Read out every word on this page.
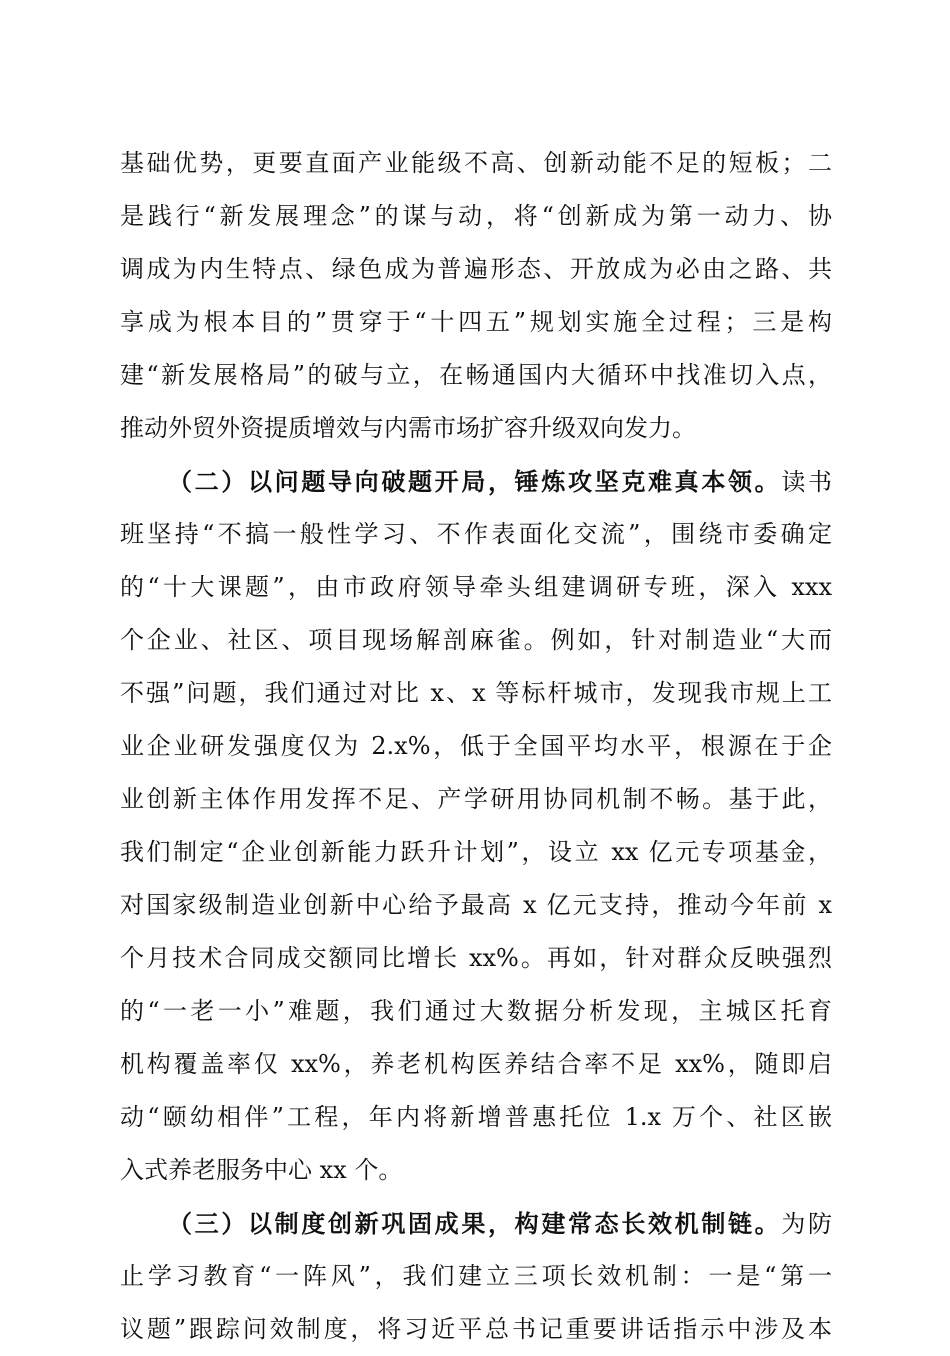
基础优势，更要直面产业能级不高、创新动能不足的短板；二
是践行“新发展理念”的谋与动，将“创新成为第一动力、协
调成为内生特点、绿色成为普遍形态、开放成为必由之路、共
享成为根本目的”贯穿于“十四五”规划实施全过程；三是构
建“新发展格局”的破与立，在畅通国内大循环中找准切入点，
推动外贸外资提质增效与内需市场扩容升级双向发力。
（二）以问题导向破题开局，锤炼攻坚克难真本领。读书
班坚持“不搞一般性学习、不作表面化交流”，围绕市委确定
的“十大课题”，由市政府领导牵头组建调研专班，深入 xxx
个企业、社区、项目现场解剖麻雀。例如，针对制造业“大而
不强”问题，我们通过对比 x、x 等标杆城市，发现我市规上工
业企业研发强度仅为 2.x%，低于全国平均水平，根源在于企
业创新主体作用发挥不足、产学研用协同机制不畅。基于此，
我们制定“企业创新能力跃升计划”，设立 xx 亿元专项基金，
对国家级制造业创新中心给予最高 x 亿元支持，推动今年前 x
个月技术合同成交额同比增长 xx%。再如，针对群众反映强烈
的“一老一小”难题，我们通过大数据分析发现，主城区托育
机构覆盖率仅 xx%，养老机构医养结合率不足 xx%，随即启
动“颐幼相伴”工程，年内将新增普惠托位 1.x 万个、社区嵌
入式养老服务中心 xx 个。
（三）以制度创新巩固成果，构建常态长效机制链。为防
止学习教育“一阵风”，我们建立三项长效机制：一是“第一
议题”跟踪问效制度，将习近平总书记重要讲话指示中涉及本
